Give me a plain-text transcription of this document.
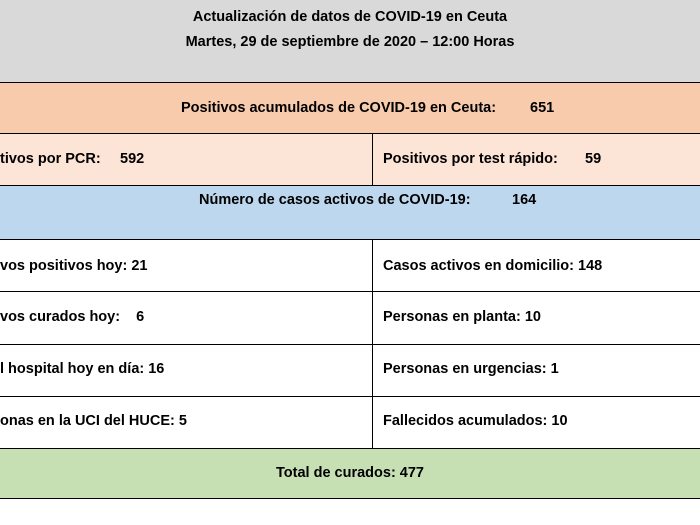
Actualización de datos de COVID-19 en Ceuta
Martes, 29 de septiembre de 2020 – 12:00 Horas
Positivos acumulados de COVID-19 en Ceuta: 651
tivos por PCR: 592	Positivos por test rápido: 59
Número de casos activos de COVID-19:	164
vos positivos hoy: 21	Casos activos en domicilio: 148
vos curados hoy:    6	Personas en planta: 10
l hospital hoy en día: 16	Personas en urgencias: 1
onas en la UCI del HUCE: 5	Fallecidos acumulados: 10
Total de curados: 477
